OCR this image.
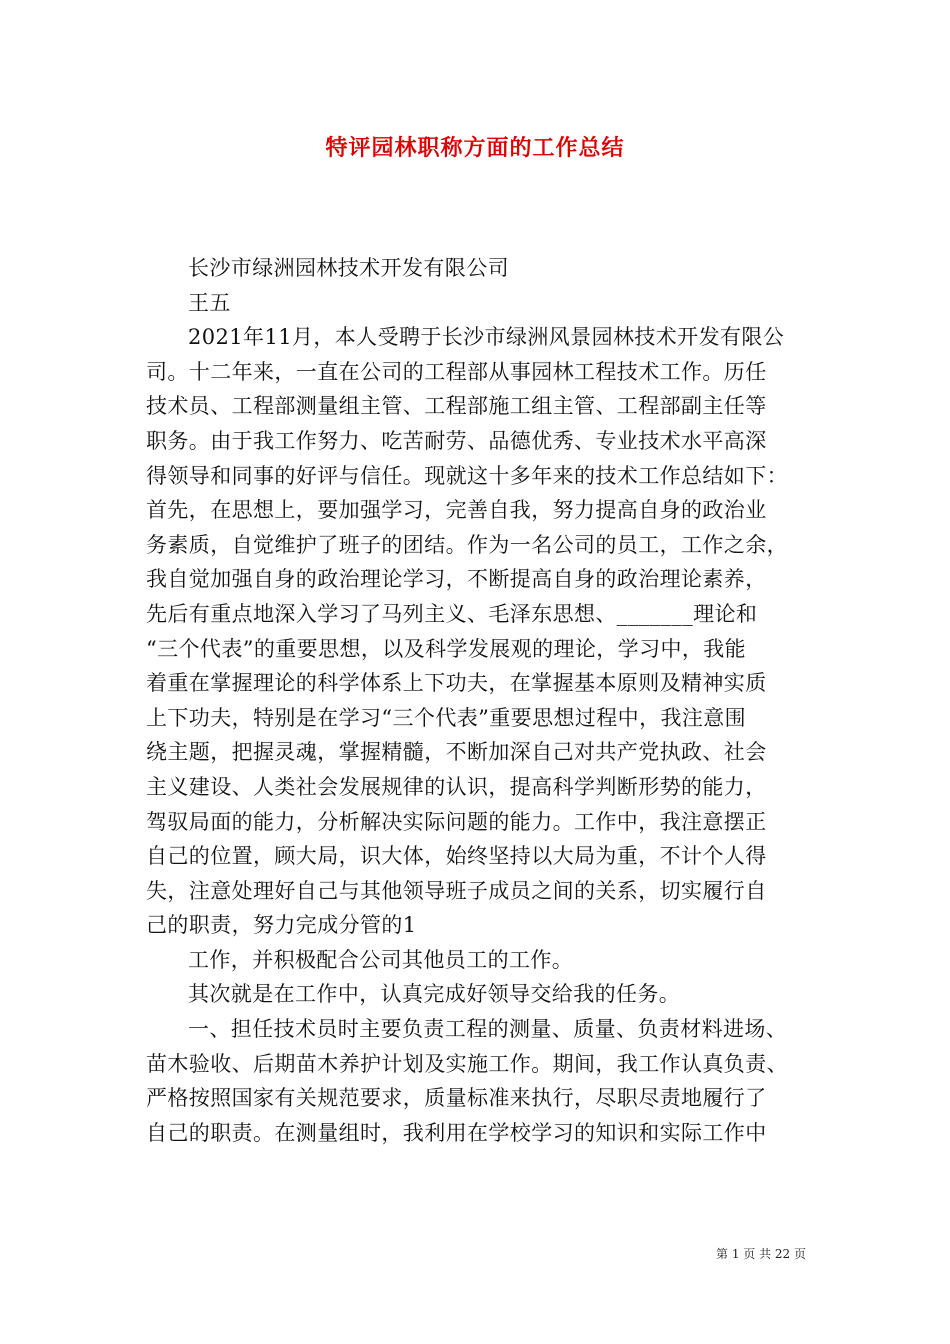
特评园林职称方面的工作总结
长沙市绿洲园林技术开发有限公司
王五
2021年11月，本人受聘于长沙市绿洲风景园林技术开发有限公
司。十二年来，一直在公司的工程部从事园林工程技术工作。历任
技术员、工程部测量组主管、工程部施工组主管、工程部副主任等
职务。由于我工作努力、吃苦耐劳、品德优秀、专业技术水平高深
得领导和同事的好评与信任。现就这十多年来的技术工作总结如下：
首先，在思想上，要加强学习，完善自我，努力提高自身的政治业
务素质，自觉维护了班子的团结。作为一名公司的员工，工作之余，
我自觉加强自身的政治理论学习，不断提高自身的政治理论素养，
先后有重点地深入学习了马列主义、毛泽东思想、_______理论和
“三个代表”的重要思想，以及科学发展观的理论，学习中，我能
着重在掌握理论的科学体系上下功夫，在掌握基本原则及精神实质
上下功夫，特别是在学习“三个代表”重要思想过程中，我注意围
绕主题，把握灵魂，掌握精髓，不断加深自己对共产党执政、社会
主义建设、人类社会发展规律的认识，提高科学判断形势的能力，
驾驭局面的能力，分析解决实际问题的能力。工作中，我注意摆正
自己的位置，顾大局，识大体，始终坚持以大局为重，不计个人得
失，注意处理好自己与其他领导班子成员之间的关系，切实履行自
己的职责，努力完成分管的1
工作，并积极配合公司其他员工的工作。
其次就是在工作中，认真完成好领导交给我的任务。
一、担任技术员时主要负责工程的测量、质量、负责材料进场、
苗木验收、后期苗木养护计划及实施工作。期间，我工作认真负责、
严格按照国家有关规范要求，质量标准来执行，尽职尽责地履行了
自己的职责。在测量组时，我利用在学校学习的知识和实际工作中
第 1 页 共 22 页
